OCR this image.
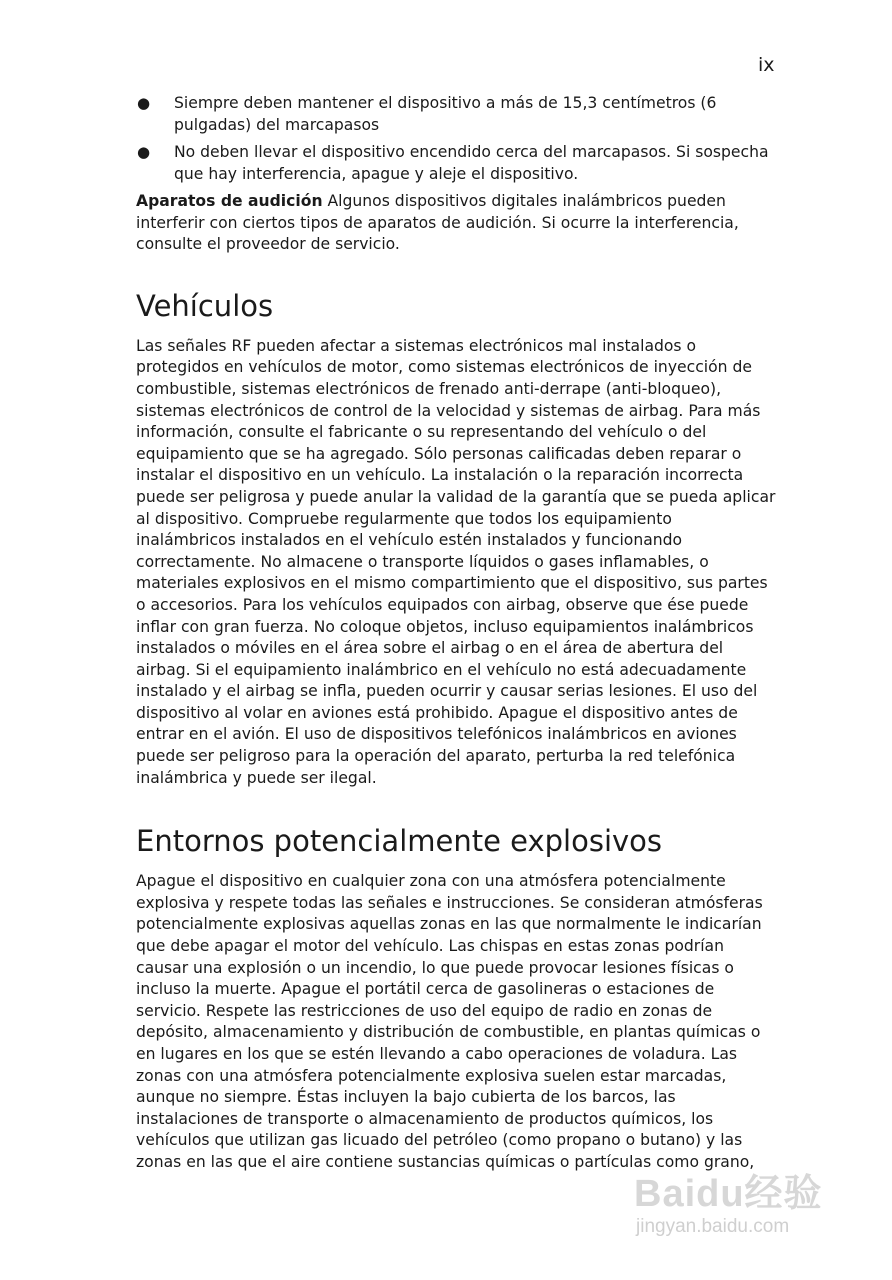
ix
● Siempre deben mantener el dispositivo a más de 15,3 centímetros (6 pulgadas) del marcapasos
● No deben llevar el dispositivo encendido cerca del marcapasos. Si sospecha que hay interferencia, apague y aleje el dispositivo.

Aparatos de audición Algunos dispositivos digitales inalámbricos pueden interferir con ciertos tipos de aparatos de audición. Si ocurre la interferencia, consulte el proveedor de servicio.

Vehículos

Las señales RF pueden afectar a sistemas electrónicos mal instalados o protegidos en vehículos de motor, como sistemas electrónicos de inyección de combustible, sistemas electrónicos de frenado anti-derrape (anti-bloqueo), sistemas electrónicos de control de la velocidad y sistemas de airbag. Para más información, consulte el fabricante o su representando del vehículo o del equipamiento que se ha agregado. Sólo personas calificadas deben reparar o instalar el dispositivo en un vehículo. La instalación o la reparación incorrecta puede ser peligrosa y puede anular la validad de la garantía que se pueda aplicar al dispositivo. Compruebe regularmente que todos los equipamiento inalámbricos instalados en el vehículo estén instalados y funcionando correctamente. No almacene o transporte líquidos o gases inflamables, o materiales explosivos en el mismo compartimiento que el dispositivo, sus partes o accesorios. Para los vehículos equipados con airbag, observe que ése puede inflar con gran fuerza. No coloque objetos, incluso equipamientos inalámbricos instalados o móviles en el área sobre el airbag o en el área de abertura del airbag. Si el equipamiento inalámbrico en el vehículo no está adecuadamente instalado y el airbag se infla, pueden ocurrir y causar serias lesiones. El uso del dispositivo al volar en aviones está prohibido. Apague el dispositivo antes de entrar en el avión. El uso de dispositivos telefónicos inalámbricos en aviones puede ser peligroso para la operación del aparato, perturba la red telefónica inalámbrica y puede ser ilegal.

Entornos potencialmente explosivos

Apague el dispositivo en cualquier zona con una atmósfera potencialmente explosiva y respete todas las señales e instrucciones. Se consideran atmósferas potencialmente explosivas aquellas zonas en las que normalmente le indicarían que debe apagar el motor del vehículo. Las chispas en estas zonas podrían causar una explosión o un incendio, lo que puede provocar lesiones físicas o incluso la muerte. Apague el portátil cerca de gasolineras o estaciones de servicio. Respete las restricciones de uso del equipo de radio en zonas de depósito, almacenamiento y distribución de combustible, en plantas químicas o en lugares en los que se estén llevando a cabo operaciones de voladura. Las zonas con una atmósfera potencialmente explosiva suelen estar marcadas, aunque no siempre. Éstas incluyen la bajo cubierta de los barcos, las instalaciones de transporte o almacenamiento de productos químicos, los vehículos que utilizan gas licuado del petróleo (como propano o butano) y las zonas en las que el aire contiene sustancias químicas o partículas como grano,

Baidu经验
jingyan.baidu.com
